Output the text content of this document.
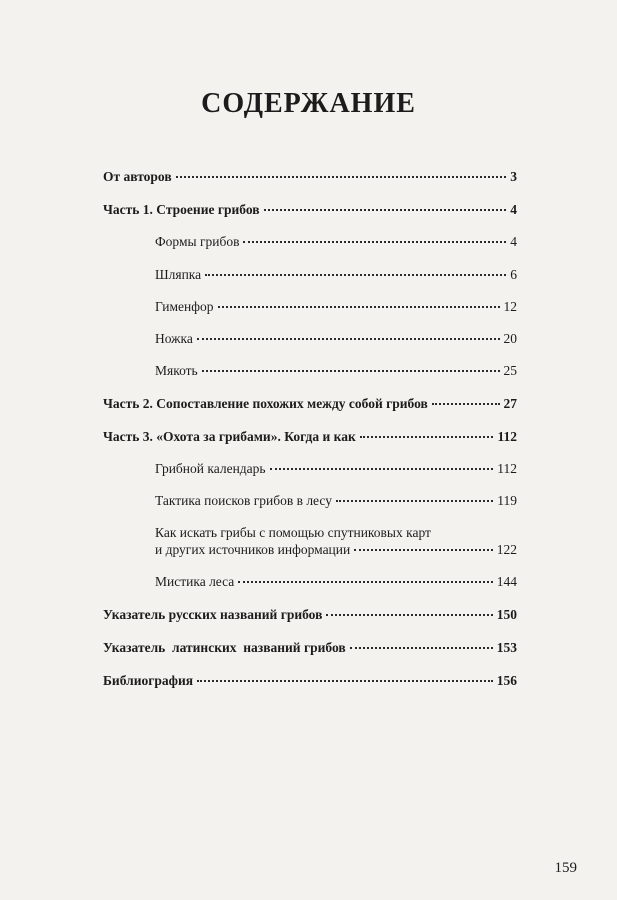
СОДЕРЖАНИЕ
От авторов	3
Часть 1. Строение грибов	4
Формы грибов	4
Шляпка	6
Гименфор	12
Ножка	20
Мякоть	25
Часть 2. Сопоставление похожих между собой грибов	27
Часть 3. «Охота за грибами». Когда и как	112
Грибной календарь	112
Тактика поисков грибов в лесу	119
Как искать грибы с помощью спутниковых карт
и других источников информации	122
Мистика леса	144
Указатель русских названий грибов	150
Указатель  латинских  названий грибов	153
Библиография	156
159
